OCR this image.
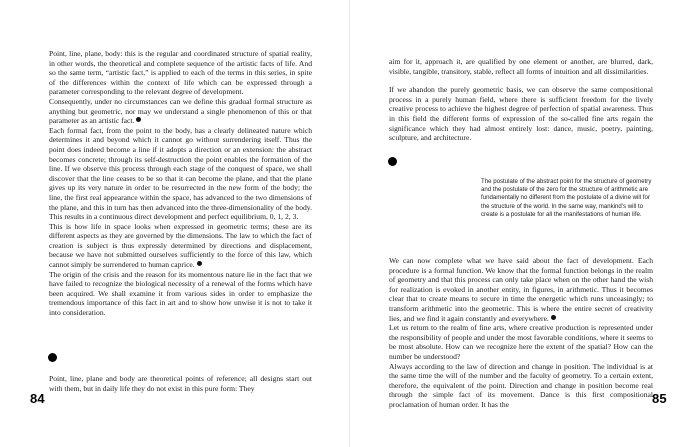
Point, line, plane, body: this is the regular and coordinated structure of spatial reality, in other words, the theoretical and complete sequence of the artistic facts of life. And so the same term, “artistic fact,” is applied to each of the terms in this series, in spite of the differences within the context of life which can be expressed through a parameter corresponding to the relevant degree of development.

Consequently, under no circumstances can we define this gradual formal structure as anything but geometric, nor may we understand a single phenomenon of this or that parameter as an artistic fact.

Each formal fact, from the point to the body, has a clearly delineated nature which determines it and beyond which it cannot go without surrendering itself. Thus the point does indeed become a line if it adopts a direction or an extension: the abstract becomes concrete; through its self-destruction the point enables the formation of the line. If we observe this process through each stage of the conquest of space, we shall discover that the line ceases to be so that it can become the plane, and that the plane gives up its very nature in order to be resurrected in the new form of the body; the line, the first real appearance within the space, has advanced to the two dimensions of the plane, and this in turn has then advanced into the three-dimensionality of the body. This results in a continuous direct development and perfect equilibrium, 0, 1, 2, 3.

This is how life in space looks when expressed in geometric terms; these are its different aspects as they are governed by the dimensions. The law to which the fact of creation is subject is thus expressly determined by directions and displacement, because we have not submitted ourselves sufficiently to the force of this law, which cannot simply be surrendered to human caprice.

The origin of the crisis and the reason for its momentous nature lie in the fact that we have failed to recognize the biological necessity of a renewal of the forms which have been acquired. We shall examine it from various sides in order to emphasize the tremendous importance of this fact in art and to show how unwise it is not to take it into consideration.

Point, line, plane and body are theoretical points of reference; all designs start out with them, but in daily life they do not exist in this pure form: They

84

aim for it, approach it, are qualified by one element or another, are blurred, dark, visible, tangible, transitory, stable, reflect all forms of intuition and all dissimilarities.

If we abandon the purely geometric basis, we can observe the same compositional process in a purely human field, where there is sufficient freedom for the lively creative process to achieve the highest degree of perfection of spatial awareness. Thus in this field the different forms of expression of the so-called fine arts regain the significance which they had almost entirely lost: dance, music, poetry, painting, sculpture, and architecture.

The postulate of the abstract point for the structure of geometry and the postulate of the zero for the structure of arithmetic are fundamentally no different from the postulate of a divine will for the structure of the world. In the same way, mankind’s will to create is a postulate for all the manifestations of human life.

We can now complete what we have said about the fact of development. Each procedure is a formal function. We know that the formal function belongs in the realm of geometry and that this process can only take place when on the other hand the wish for realization is evoked in another entity, in figures, in arithmetic. Thus it becomes clear that to create means to secure in time the energetic which runs unceasingly; to transform arithmetic into the geometric. This is where the entire secret of creativity lies, and we find it again constantly and everywhere.

Let us return to the realm of fine arts, where creative production is represented under the responsibility of people and under the most favorable conditions, where it seems to be most absolute. How can we recognize here the extent of the spatial? How can the number be understood?

Always according to the law of direction and change in position. The individual is at the same time the will of the number and the faculty of geometry. To a certain extent, therefore, the equivalent of the point. Direction and change in position become real through the simple fact of its movement. Dance is this first compositional proclamation of human order. It has the	85
